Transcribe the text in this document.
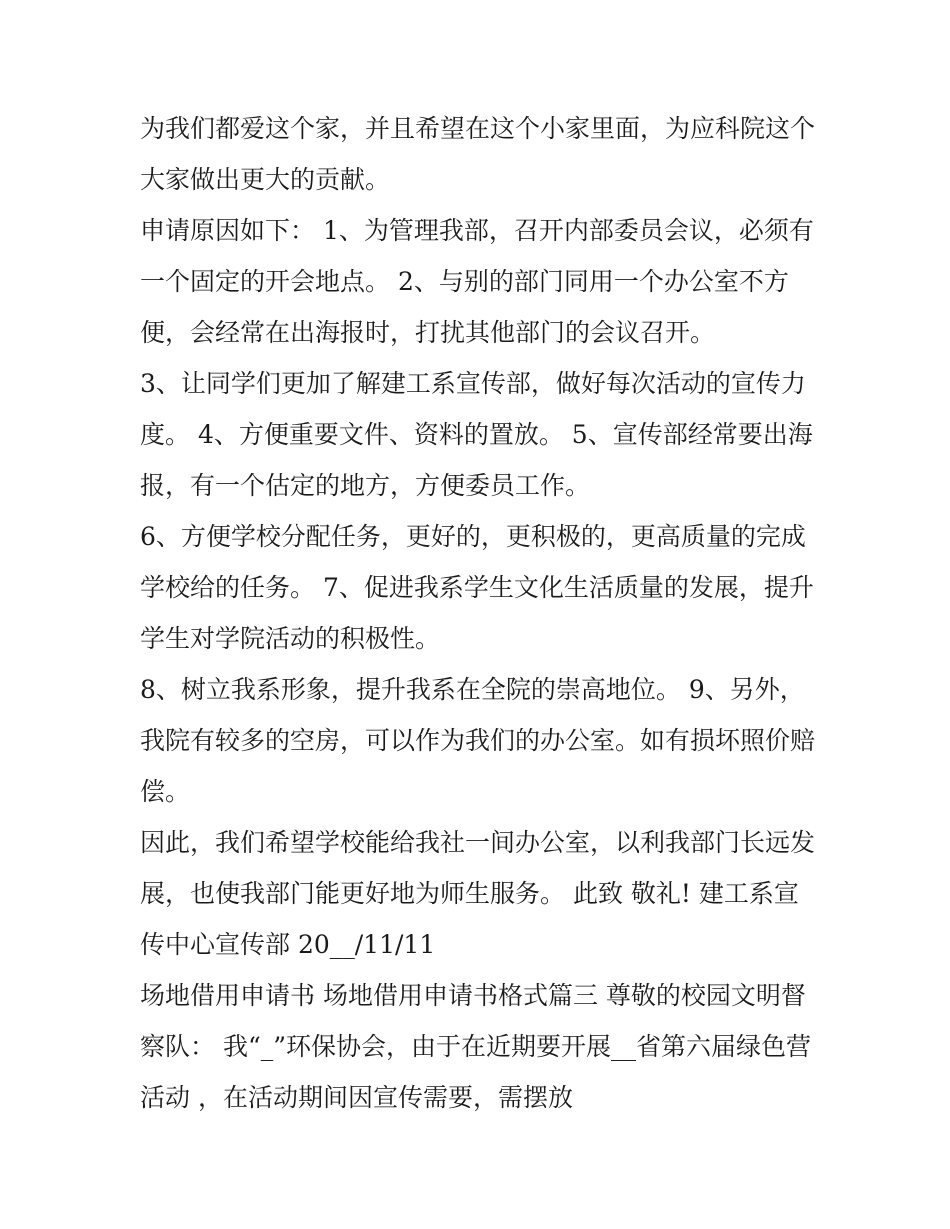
为我们都爱这个家，并且希望在这个小家里面，为应科院这个
大家做出更大的贡献。
申请原因如下： 1、为管理我部，召开内部委员会议，必须有
一个固定的开会地点。 2、与别的部门同用一个办公室不方
便，会经常在出海报时，打扰其他部门的会议召开。
3、让同学们更加了解建工系宣传部，做好每次活动的宣传力
度。 4、方便重要文件、资料的置放。 5、宣传部经常要出海
报，有一个估定的地方，方便委员工作。
6、方便学校分配任务，更好的，更积极的，更高质量的完成
学校给的任务。 7、促进我系学生文化生活质量的发展，提升
学生对学院活动的积极性。
8、树立我系形象，提升我系在全院的崇高地位。 9、另外，
我院有较多的空房，可以作为我们的办公室。如有损坏照价赔
偿。
因此，我们希望学校能给我社一间办公室，以利我部门长远发
展，也使我部门能更好地为师生服务。 此致 敬礼! 建工系宣
传中心宣传部 20__/11/11
场地借用申请书 场地借用申请书格式篇三 尊敬的校园文明督
察队： 我“_”环保协会，由于在近期要开展__省第六届绿色营
活动 ，在活动期间因宣传需要，需摆放
